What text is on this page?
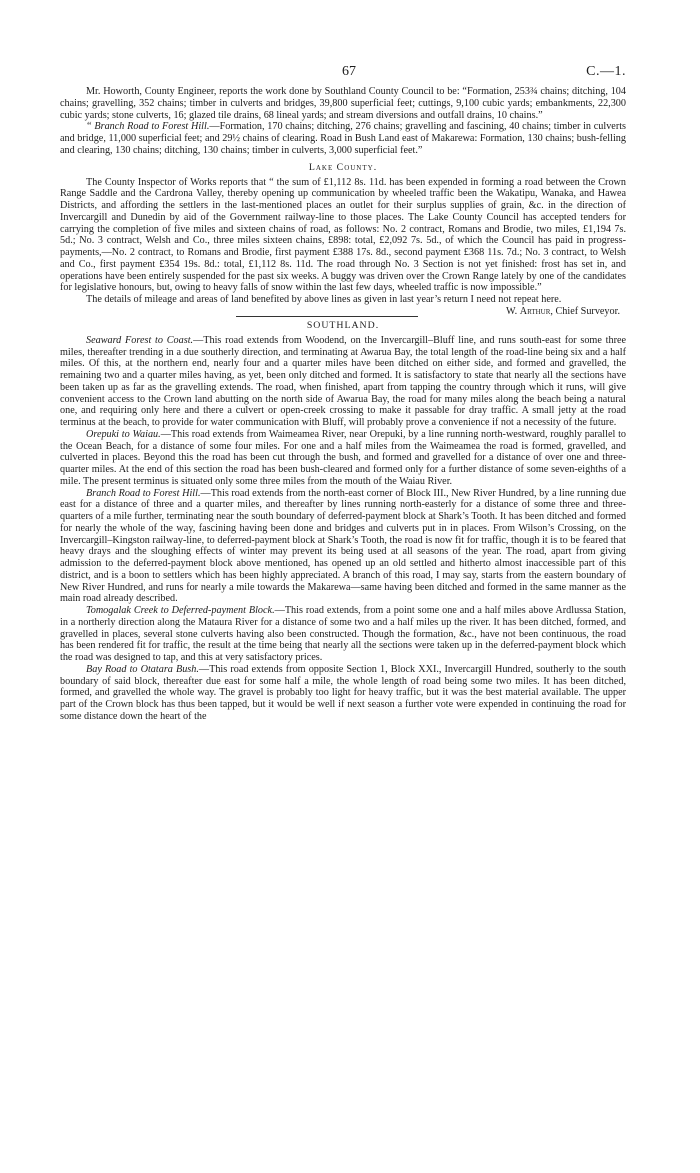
67	C.—1.

Mr. Howorth, County Engineer, reports the work done by Southland County Council to be: “Formation, 253¾ chains; ditching, 104 chains; gravelling, 352 chains; timber in culverts and bridges, 39,800 superficial feet; cuttings, 9,100 cubic yards; embankments, 22,300 cubic yards; stone culverts, 16; glazed tile drains, 68 lineal yards; and stream diversions and outfall drains, 10 chains.”

“ Branch Road to Forest Hill.—Formation, 170 chains; ditching, 276 chains; gravelling and fascining, 40 chains; timber in culverts and bridge, 11,000 superficial feet; and 29½ chains of clearing. Road in Bush Land east of Makarewa: Formation, 130 chains; bush-felling and clearing, 130 chains; ditching, 130 chains; timber in culverts, 3,000 superficial feet.”

Lake County.

The County Inspector of Works reports that “ the sum of £1,112 8s. 11d. has been expended in forming a road between the Crown Range Saddle and the Cardrona Valley, thereby opening up communication by wheeled traffic been the Wakatipu, Wanaka, and Hawea Districts, and affording the settlers in the last-mentioned places an outlet for their surplus supplies of grain, &c. in the direction of Invercargill and Dunedin by aid of the Government railway-line to those places. The Lake County Council has accepted tenders for carrying the completion of five miles and sixteen chains of road, as follows: No. 2 contract, Romans and Brodie, two miles, £1,194 7s. 5d.; No. 3 contract, Welsh and Co., three miles sixteen chains, £898: total, £2,092 7s. 5d., of which the Council has paid in progress-payments,—No. 2 contract, to Romans and Brodie, first payment £388 17s. 8d., second payment £368 11s. 7d.; No. 3 contract, to Welsh and Co., first payment £354 19s. 8d.: total, £1,112 8s. 11d. The road through No. 3 Section is not yet finished: frost has set in, and operations have been entirely suspended for the past six weeks. A buggy was driven over the Crown Range lately by one of the candidates for legislative honours, but, owing to heavy falls of snow within the last few days, wheeled traffic is now impossible.”

The details of mileage and areas of land benefited by above lines as given in last year’s return I need not repeat here.

W. Arthur, Chief Surveyor.
SOUTHLAND.

Seaward Forest to Coast.—This road extends from Woodend, on the Invercargill–Bluff line, and runs south-east for some three miles, thereafter trending in a due southerly direction, and terminating at Awarua Bay, the total length of the road-line being six and a half miles. Of this, at the northern end, nearly four and a quarter miles have been ditched on either side, and formed and gravelled, the remaining two and a quarter miles having, as yet, been only ditched and formed. It is satisfactory to state that nearly all the sections have been taken up as far as the gravelling extends. The road, when finished, apart from tapping the country through which it runs, will give convenient access to the Crown land abutting on the north side of Awarua Bay, the road for many miles along the beach being a natural one, and requiring only here and there a culvert or open-creek crossing to make it passable for dray traffic. A small jetty at the road terminus at the beach, to provide for water communication with Bluff, will probably prove a convenience if not a necessity of the future.

Orepuki to Waiau.—This road extends from Waimeamea River, near Orepuki, by a line running north-westward, roughly parallel to the Ocean Beach, for a distance of some four miles. For one and a half miles from the Waimeamea the road is formed, gravelled, and culverted in places. Beyond this the road has been cut through the bush, and formed and gravelled for a distance of over one and three-quarter miles. At the end of this section the road has been bush-cleared and formed only for a further distance of some seven-eighths of a mile. The present terminus is situated only some three miles from the mouth of the Waiau River.

Branch Road to Forest Hill.—This road extends from the north-east corner of Block III., New River Hundred, by a line running due east for a distance of three and a quarter miles, and thereafter by lines running north-easterly for a distance of some three and three-quarters of a mile further, terminating near the south boundary of deferred-payment block at Shark’s Tooth. It has been ditched and formed for nearly the whole of the way, fascining having been done and bridges and culverts put in in places. From Wilson’s Crossing, on the Invercargill–Kingston railway-line, to deferred-payment block at Shark’s Tooth, the road is now fit for traffic, though it is to be feared that heavy drays and the sloughing effects of winter may prevent its being used at all seasons of the year. The road, apart from giving admission to the deferred-payment block above mentioned, has opened up an old settled and hitherto almost inaccessible part of this district, and is a boon to settlers which has been highly appreciated. A branch of this road, I may say, starts from the eastern boundary of New River Hundred, and runs for nearly a mile towards the Makarewa—same having been ditched and formed in the same manner as the main road already described.

Tomogalak Creek to Deferred-payment Block.—This road extends, from a point some one and a half miles above Ardlussa Station, in a northerly direction along the Mataura River for a distance of some two and a half miles up the river. It has been ditched, formed, and gravelled in places, several stone culverts having also been constructed. Though the formation, &c., have not been continuous, the road has been rendered fit for traffic, the result at the time being that nearly all the sections were taken up in the deferred-payment block which the road was designed to tap, and this at very satisfactory prices.

Bay Road to Otatara Bush.—This road extends from opposite Section 1, Block XXI., Invercargill Hundred, southerly to the south boundary of said block, thereafter due east for some half a mile, the whole length of road being some two miles. It has been ditched, formed, and gravelled the whole way. The gravel is probably too light for heavy traffic, but it was the best material available. The upper part of the Crown block has thus been tapped, but it would be well if next season a further vote were expended in continuing the road for some distance down the heart of the
